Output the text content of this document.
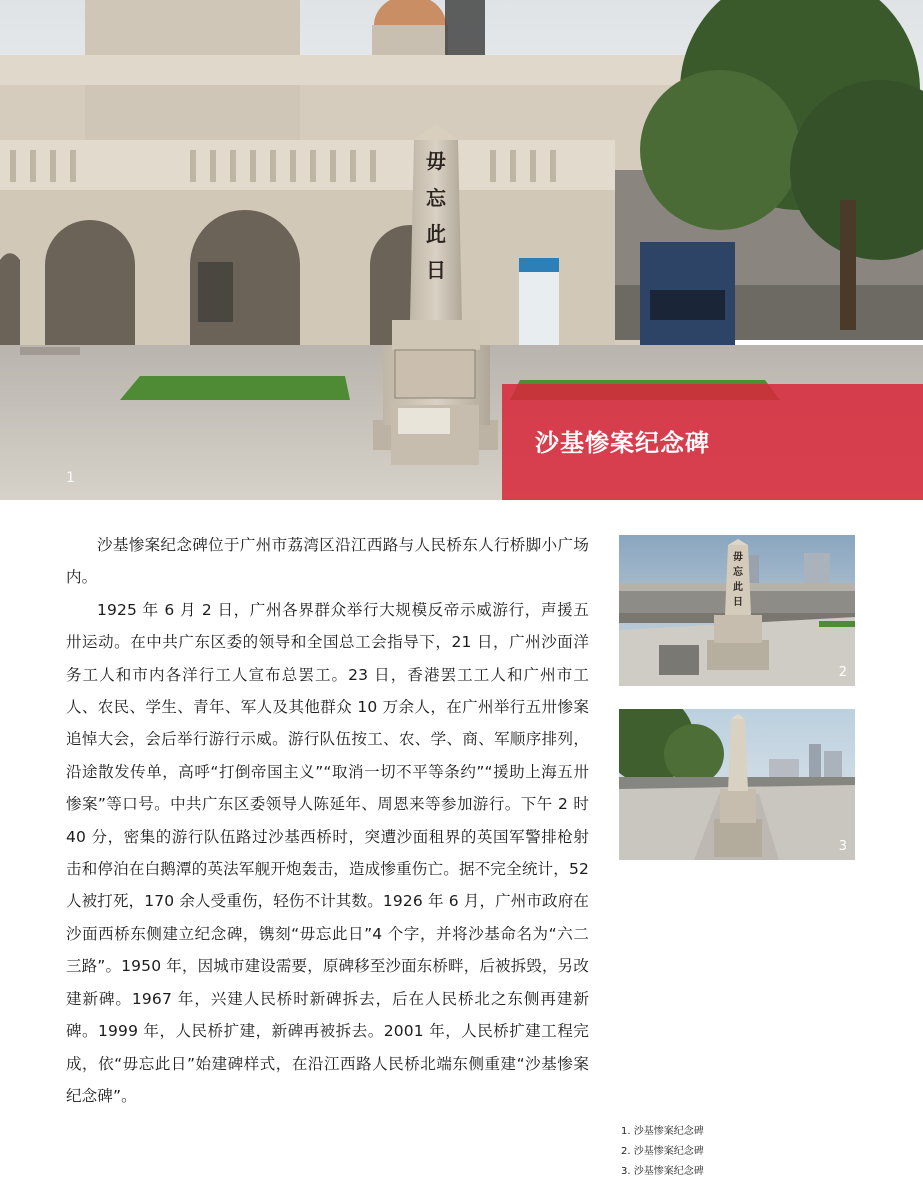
毋
忘
此
日
沙基惨案纪念碑
1

沙基惨案纪念碑位于广州市荔湾区沿江西路与人民桥东人行桥脚小广场内。

1925 年 6 月 2 日，广州各界群众举行大规模反帝示威游行，声援五卅运动。在中共广东区委的领导和全国总工会指导下，21 日，广州沙面洋务工人和市内各洋行工人宣布总罢工。23 日，香港罢工工人和广州市工人、农民、学生、青年、军人及其他群众 10 万余人，在广州举行五卅惨案追悼大会，会后举行游行示威。游行队伍按工、农、学、商、军顺序排列，沿途散发传单，高呼“打倒帝国主义”“取消一切不平等条约”“援助上海五卅惨案”等口号。中共广东区委领导人陈延年、周恩来等参加游行。下午 2 时 40 分，密集的游行队伍路过沙基西桥时，突遭沙面租界的英国军警排枪射击和停泊在白鹅潭的英法军舰开炮轰击，造成惨重伤亡。据不完全统计，52 人被打死，170 余人受重伤，轻伤不计其数。1926 年 6 月，广州市政府在沙面西桥东侧建立纪念碑，镌刻“毋忘此日”4 个字，并将沙基命名为“六二三路”。1950 年，因城市建设需要，原碑移至沙面东桥畔，后被拆毁，另改建新碑。1967 年，兴建人民桥时新碑拆去，后在人民桥北之东侧再建新碑。1999 年，人民桥扩建，新碑再被拆去。2001 年，人民桥扩建工程完成，依“毋忘此日”始建碑样式，在沿江西路人民桥北端东侧重建“沙基惨案纪念碑”。

毋
忘
此
日
2
3
1. 沙基惨案纪念碑
2. 沙基惨案纪念碑
3. 沙基惨案纪念碑
